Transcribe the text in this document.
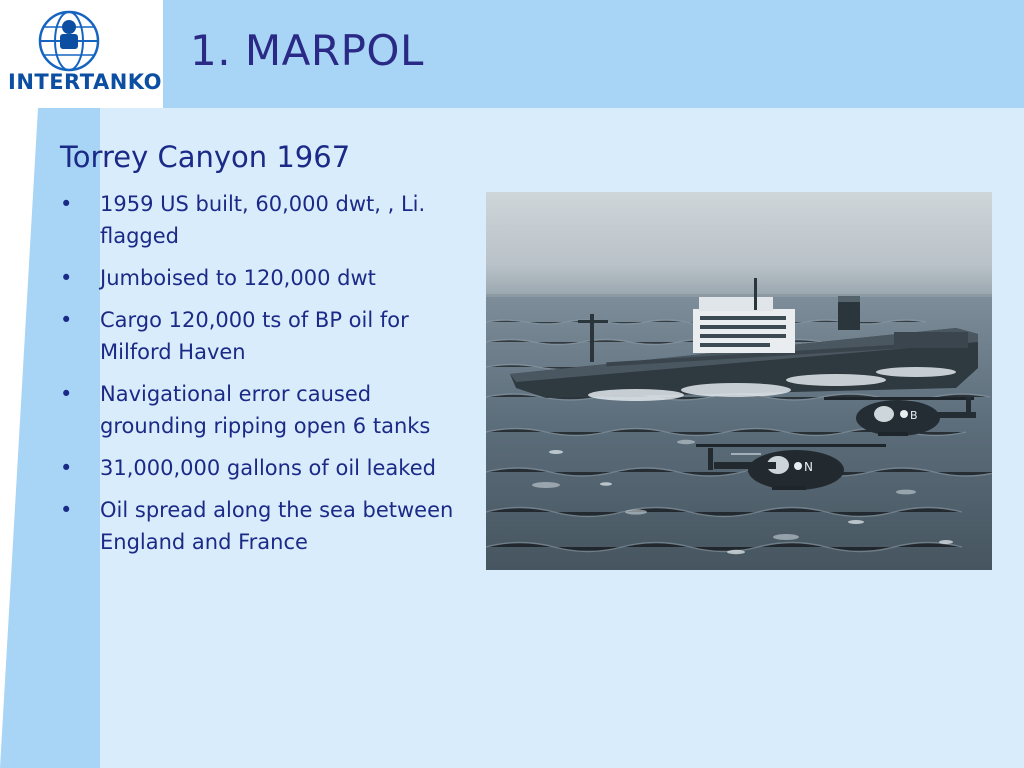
INTERTANKO
1. MARPOL
Torrey Canyon 1967
•	1959 US built, 60,000 dwt, , Li. flagged
•	Jumboised to 120,000 dwt
•	Cargo 120,000 ts of BP oil for Milford Haven
•	Navigational error caused grounding ripping open 6 tanks
•	31,000,000 gallons of oil leaked
•	Oil spread along the sea between England and France
B
N
